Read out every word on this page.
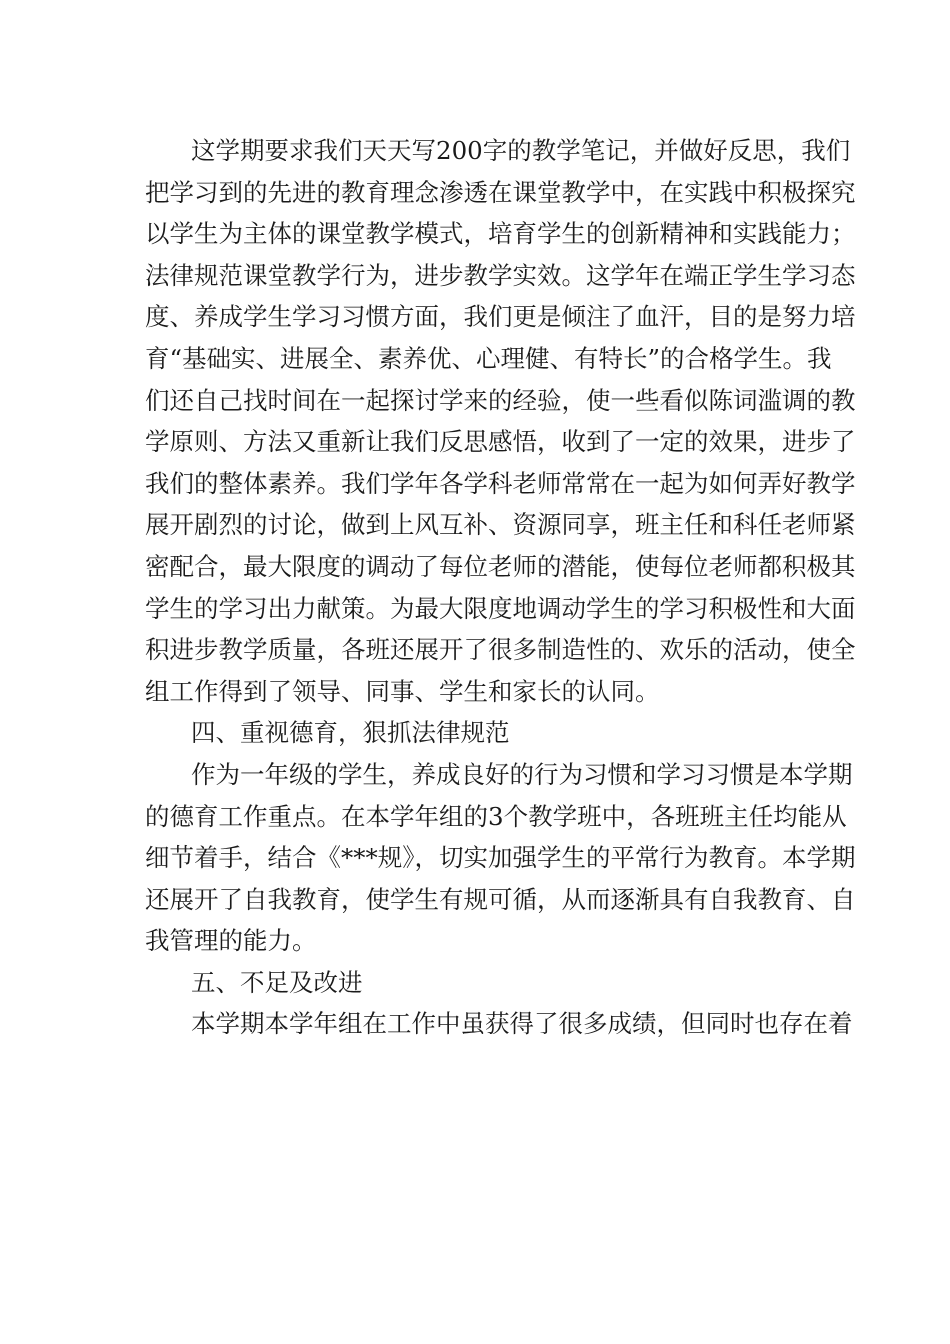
这学期要求我们天天写200字的教学笔记，并做好反思，我们
把学习到的先进的教育理念渗透在课堂教学中，在实践中积极探究
以学生为主体的课堂教学模式，培育学生的创新精神和实践能力；
法律规范课堂教学行为，进步教学实效。这学年在端正学生学习态
度、养成学生学习习惯方面，我们更是倾注了血汗，目的是努力培
育“基础实、进展全、素养优、心理健、有特长”的合格学生。我
们还自己找时间在一起探讨学来的经验，使一些看似陈词滥调的教
学原则、方法又重新让我们反思感悟，收到了一定的效果，进步了
我们的整体素养。我们学年各学科老师常常在一起为如何弄好教学
展开剧烈的讨论，做到上风互补、资源同享，班主任和科任老师紧
密配合，最大限度的调动了每位老师的潜能，使每位老师都积极其
学生的学习出力献策。为最大限度地调动学生的学习积极性和大面
积进步教学质量，各班还展开了很多制造性的、欢乐的活动，使全
组工作得到了领导、同事、学生和家长的认同。
四、重视德育，狠抓法律规范
作为一年级的学生，养成良好的行为习惯和学习习惯是本学期
的德育工作重点。在本学年组的3个教学班中，各班班主任均能从
细节着手，结合《***规》，切实加强学生的平常行为教育。本学期
还展开了自我教育，使学生有规可循，从而逐渐具有自我教育、自
我管理的能力。
五、不足及改进
本学期本学年组在工作中虽获得了很多成绩，但同时也存在着
